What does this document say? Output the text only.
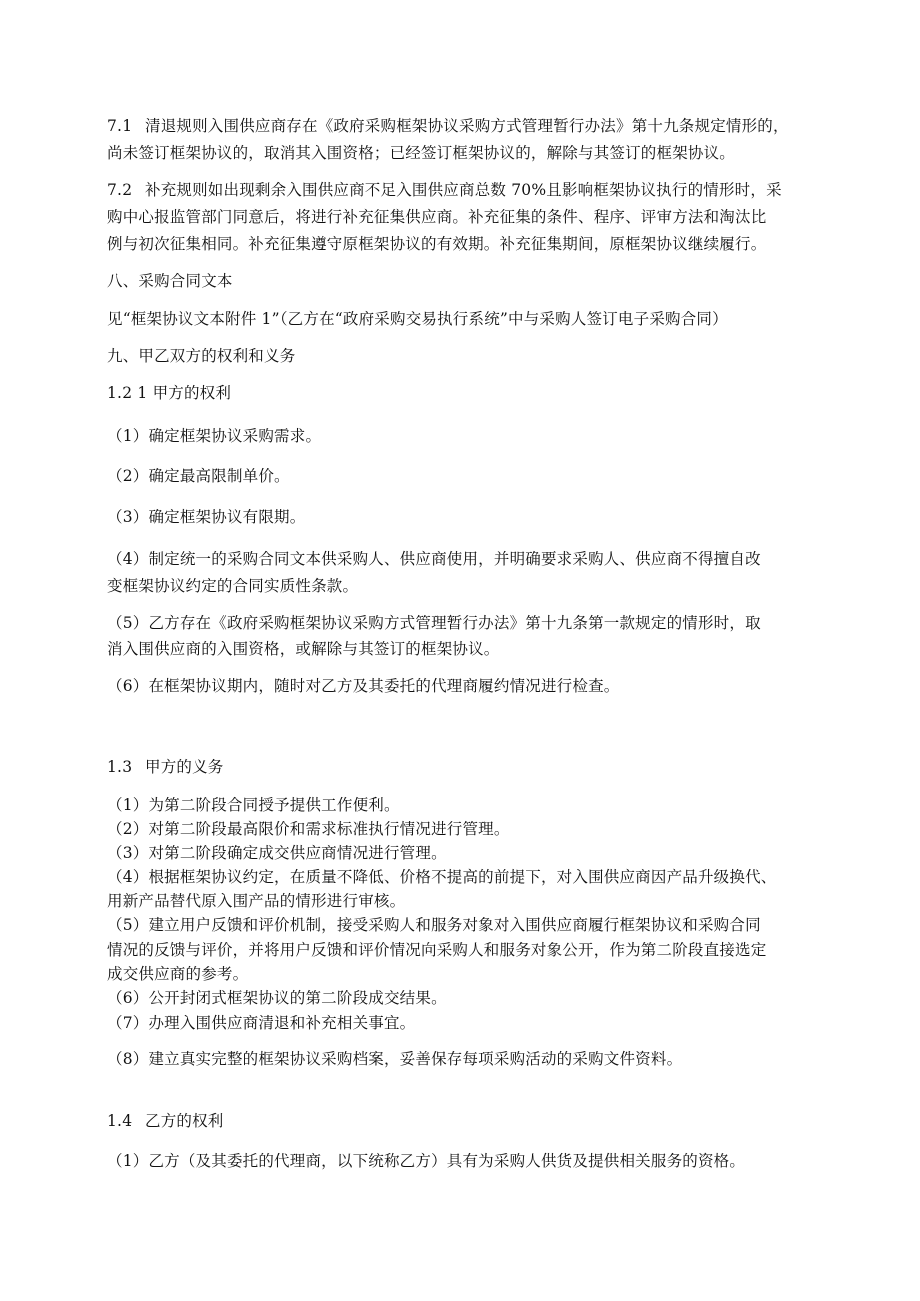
7.1 清退规则入围供应商存在《政府采购框架协议采购方式管理暂行办法》第十九条规定情形的，
尚未签订框架协议的，取消其入围资格；已经签订框架协议的，解除与其签订的框架协议。
7.2 补充规则如出现剩余入围供应商不足入围供应商总数 70%且影响框架协议执行的情形时，采
购中心报监管部门同意后，将进行补充征集供应商。补充征集的条件、程序、评审方法和淘汰比
例与初次征集相同。补充征集遵守原框架协议的有效期。补充征集期间，原框架协议继续履行。
八、采购合同文本
见“框架协议文本附件 1”（乙方在“政府采购交易执行系统”中与采购人签订电子采购合同）
九、甲乙双方的权利和义务
1.2 1 甲方的权利
（1）确定框架协议采购需求。
（2）确定最高限制单价。
（3）确定框架协议有限期。
（4）制定统一的采购合同文本供采购人、供应商使用，并明确要求采购人、供应商不得擅自改
变框架协议约定的合同实质性条款。
（5）乙方存在《政府采购框架协议采购方式管理暂行办法》第十九条第一款规定的情形时，取
消入围供应商的入围资格，或解除与其签订的框架协议。
（6）在框架协议期内，随时对乙方及其委托的代理商履约情况进行检查。
1.3 甲方的义务
（1）为第二阶段合同授予提供工作便利。
（2）对第二阶段最高限价和需求标准执行情况进行管理。
（3）对第二阶段确定成交供应商情况进行管理。
（4）根据框架协议约定，在质量不降低、价格不提高的前提下，对入围供应商因产品升级换代、
用新产品替代原入围产品的情形进行审核。
（5）建立用户反馈和评价机制，接受采购人和服务对象对入围供应商履行框架协议和采购合同
情况的反馈与评价，并将用户反馈和评价情况向采购人和服务对象公开，作为第二阶段直接选定
成交供应商的参考。
（6）公开封闭式框架协议的第二阶段成交结果。
（7）办理入围供应商清退和补充相关事宜。
（8）建立真实完整的框架协议采购档案，妥善保存每项采购活动的采购文件资料。
1.4 乙方的权利
（1）乙方（及其委托的代理商，以下统称乙方）具有为采购人供货及提供相关服务的资格。
